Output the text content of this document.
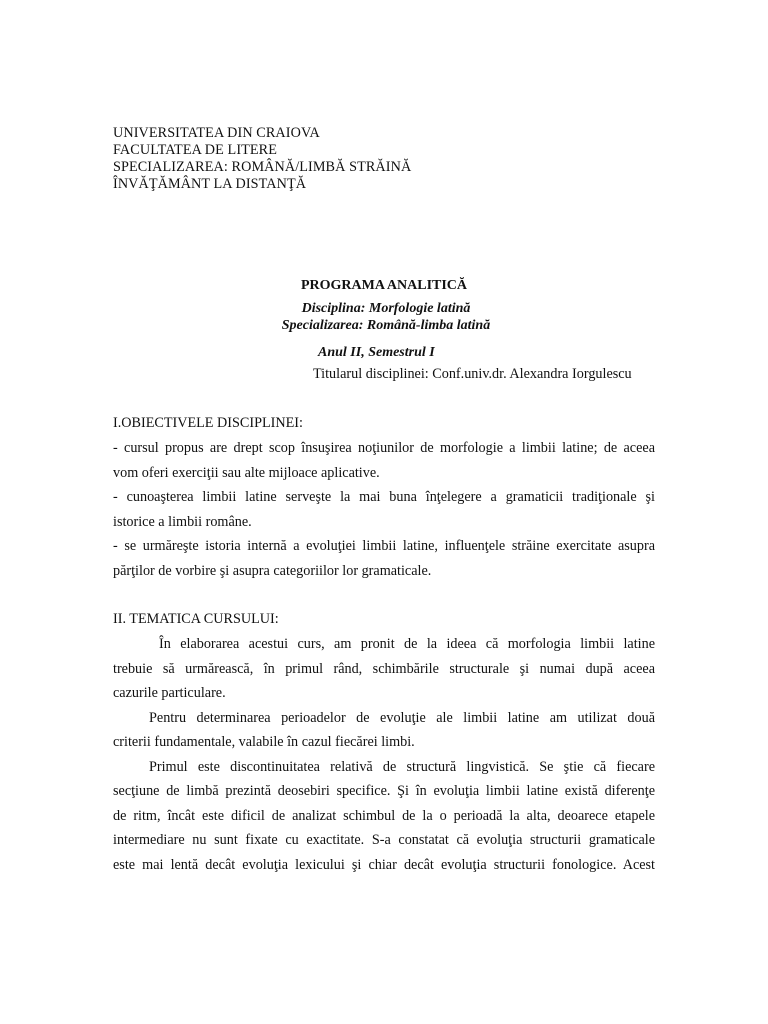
UNIVERSITATEA DIN CRAIOVA
FACULTATEA DE LITERE
SPECIALIZAREA: ROMÂNĂ/LIMBĂ STRĂINĂ
ÎNVĂŢĂMÂNT LA DISTANŢĂ
PROGRAMA ANALITICĂ
Disciplina: Morfologie latină
Specializarea: Română-limba latină
Anul II, Semestrul I
Titularul disciplinei: Conf.univ.dr. Alexandra Iorgulescu
I.OBIECTIVELE DISCIPLINEI:
- cursul propus are drept scop însuşirea noţiunilor de morfologie a limbii latine; de aceea
vom oferi exerciţii sau alte mijloace aplicative.
- cunoaşterea limbii latine serveşte la mai buna înţelegere a gramaticii tradiţionale şi
istorice a limbii române.
- se urmăreşte istoria internă a evoluţiei limbii latine, influenţele străine exercitate asupra
părţilor de vorbire şi asupra categoriilor lor gramaticale.
II. TEMATICA CURSULUI:
În elaborarea acestui curs, am pronit de la ideea că morfologia limbii latine
trebuie să urmărească, în primul rând, schimbările structurale şi numai după aceea
cazurile particulare.
Pentru determinarea perioadelor de evoluţie ale limbii latine am utilizat două
criterii fundamentale, valabile în cazul fiecărei limbi.
Primul este discontinuitatea relativă de structură lingvistică. Se ştie că fiecare
secţiune de limbă prezintă deosebiri specifice. Şi în evoluţia limbii latine există diferenţe
de ritm, încât este dificil de analizat schimbul de la o perioadă la alta, deoarece etapele
intermediare nu sunt fixate cu exactitate. S-a constatat că evoluţia structurii gramaticale
este mai lentă decât evoluţia lexicului şi chiar decât evoluţia structurii fonologice. Acest
